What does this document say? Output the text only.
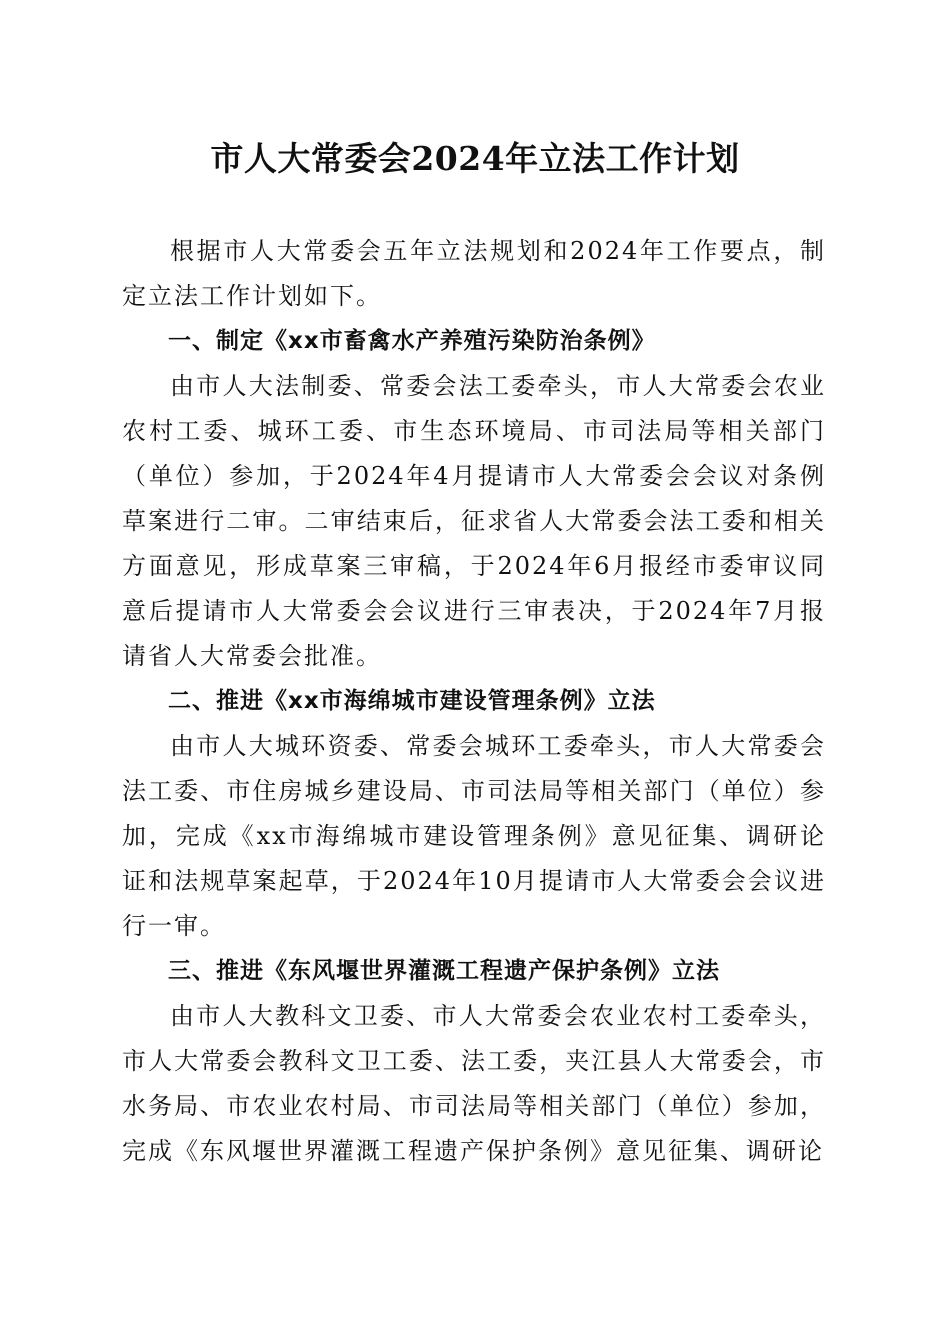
市人大常委会2024年立法工作计划

根据市人大常委会五年立法规划和2024年工作要点，制定立法工作计划如下。

一、制定《xx市畜禽水产养殖污染防治条例》

由市人大法制委、常委会法工委牵头，市人大常委会农业农村工委、城环工委、市生态环境局、市司法局等相关部门（单位）参加，于2024年4月提请市人大常委会会议对条例草案进行二审。二审结束后，征求省人大常委会法工委和相关方面意见，形成草案三审稿，于2024年6月报经市委审议同意后提请市人大常委会会议进行三审表决，于2024年7月报请省人大常委会批准。

二、推进《xx市海绵城市建设管理条例》立法

由市人大城环资委、常委会城环工委牵头，市人大常委会法工委、市住房城乡建设局、市司法局等相关部门（单位）参加，完成《xx市海绵城市建设管理条例》意见征集、调研论证和法规草案起草，于2024年10月提请市人大常委会会议进行一审。

三、推进《东风堰世界灌溉工程遗产保护条例》立法

由市人大教科文卫委、市人大常委会农业农村工委牵头，市人大常委会教科文卫工委、法工委，夹江县人大常委会，市水务局、市农业农村局、市司法局等相关部门（单位）参加，完成《东风堰世界灌溉工程遗产保护条例》意见征集、调研论
